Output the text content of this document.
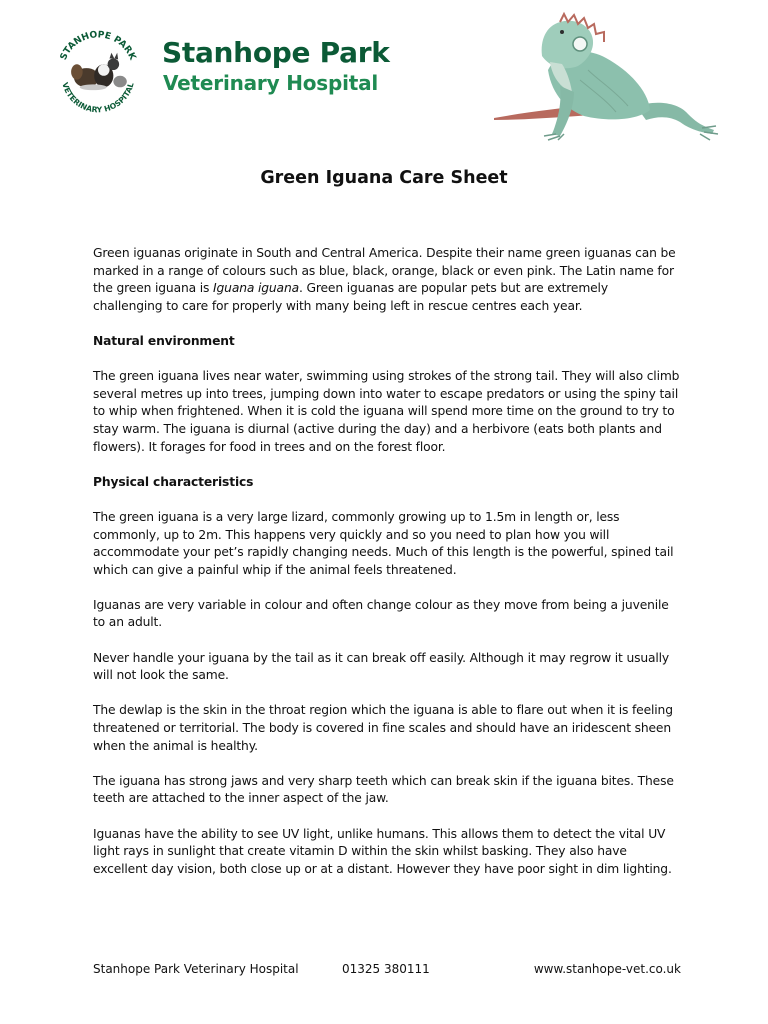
STANHOPE PARK
VETERINARY HOSPITAL
Stanhope Park
Veterinary Hospital
Green Iguana Care Sheet

Green iguanas originate in South and Central America. Despite their name green iguanas can be marked in a range of colours such as blue, black, orange, black or even pink. The Latin name for the green iguana is Iguana iguana. Green iguanas are popular pets but are extremely challenging to care for properly with many being left in rescue centres each year.

Natural environment

The green iguana lives near water, swimming using strokes of the strong tail. They will also climb several metres up into trees, jumping down into water to escape predators or using the spiny tail to whip when frightened. When it is cold the iguana will spend more time on the ground to try to stay warm. The iguana is diurnal (active during the day) and a herbivore (eats both plants and flowers). It forages for food in trees and on the forest floor.

Physical characteristics

The green iguana is a very large lizard, commonly growing up to 1.5m in length or, less commonly, up to 2m. This happens very quickly and so you need to plan how you will accommodate your pet’s rapidly changing needs. Much of this length is the powerful, spined tail which can give a painful whip if the animal feels threatened.

Iguanas are very variable in colour and often change colour as they move from being a juvenile to an adult.

Never handle your iguana by the tail as it can break off easily. Although it may regrow it usually will not look the same.

The dewlap is the skin in the throat region which the iguana is able to flare out when it is feeling threatened or territorial. The body is covered in fine scales and should have an iridescent sheen when the animal is healthy.

The iguana has strong jaws and very sharp teeth which can break skin if the iguana bites. These teeth are attached to the inner aspect of the jaw.

Iguanas have the ability to see UV light, unlike humans. This allows them to detect the vital UV light rays in sunlight that create vitamin D within the skin whilst basking. They also have excellent day vision, both close up or at a distant. However they have poor sight in dim lighting.

Stanhope Park Veterinary Hospital	01325 380111	www.stanhope-vet.co.uk
